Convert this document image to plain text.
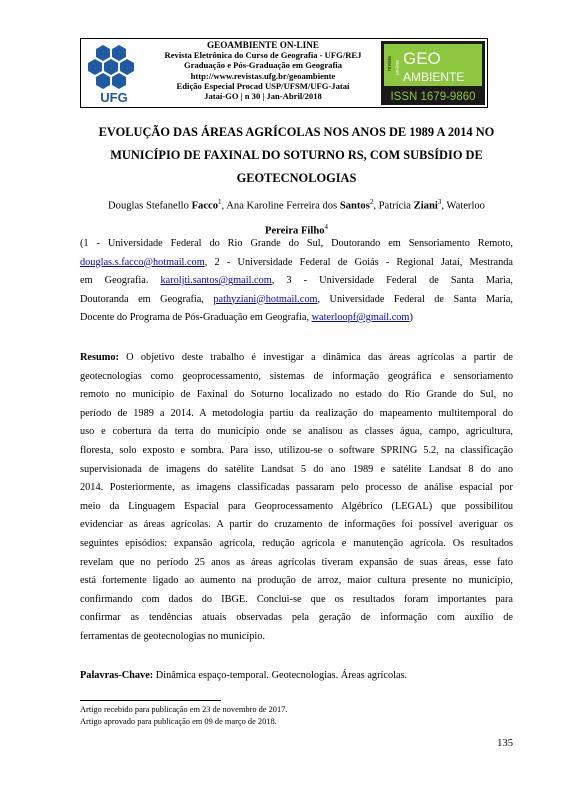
UFG
GEOAMBIENTE ON-LINE
Revista Eletrônica do Curso de Geografia - UFG/REJ
Graduação e Pós-Graduação em Geografia
http://www.revistas.ufg.br/geoambiente
Edição Especial Procad USP/UFSM/UFG-Jataí
Jataí-GO | n 30 | Jan-Abril/2018
revista on-line GEO
AMBIENTE
ISSN 1679-9860
EVOLUÇÃO DAS ÁREAS AGRÍCOLAS NOS ANOS DE 1989 A 2014 NO
MUNICÍPIO DE FAXINAL DO SOTURNO RS, COM SUBSÍDIO DE
GEOTECNOLOGIAS
Douglas Stefanello Facco$^1$, Ana Karoline Ferreira dos Santos$^2$, Patrícia Ziani$^3$, Waterloo
Pereira Filho$^4$
(1 - Universidade Federal do Rio Grande do Sul, Doutorando em Sensoriamento Remoto,
douglas.s.facco@hotmail.com, 2 - Universidade Federal de Goiás - Regional Jataí, Mestranda
em Geografia. karoljti.santos@gmail.com, 3 - Universidade Federal de Santa Maria,
Doutoranda em Geografia, pathyziani@hotmail.com, Universidade Federal de Santa Maria,
Docente do Programa de Pós-Graduação em Geografia, waterloopf@gmail.com)
Resumo: O objetivo deste trabalho é investigar a dinâmica das áreas agrícolas a partir de
geotecnologias como geoprocessamento, sistemas de informação geográfica e sensoriamento
remoto no município de Faxinal do Soturno localizado no estado do Rio Grande do Sul, no
período de 1989 a 2014. A metodologia partiu da realização do mapeamento multitemporal do
uso e cobertura da terra do município onde se analisou as classes água, campo, agricultura,
floresta, solo exposto e sombra. Para isso, utilizou-se o software SPRING 5.2, na classificação
supervisionada de imagens do satélite Landsat 5 do ano 1989 e satélite Landsat 8 do ano
2014. Posteriormente, as imagens classificadas passaram pelo processo de análise espacial por
meio da Linguagem Espacial para Geoprocessamento Algébrico (LEGAL) que possibilitou
evidenciar as áreas agrícolas. A partir do cruzamento de informações foi possível averiguar os
seguintes episódios: expansão agrícola, redução agrícola e manutenção agrícola. Os resultados
revelam que no período 25 anos as áreas agrícolas tiveram expansão de suas áreas, esse fato
está fortemente ligado ao aumento na produção de arroz, maior cultura presente no município,
confirmando com dados do IBGE. Conclui-se que os resultados foram importantes para
confirmar as tendências atuais observadas pela geração de informação com auxílio de
ferramentas de geotecnologias no município.
Palavras-Chave: Dinâmica espaço-temporal. Geotecnologias. Áreas agrícolas.
Artigo recebido para publicação em 23 de novembro de 2017.
Artigo aprovado para publicação em 09 de março de 2018.
135
